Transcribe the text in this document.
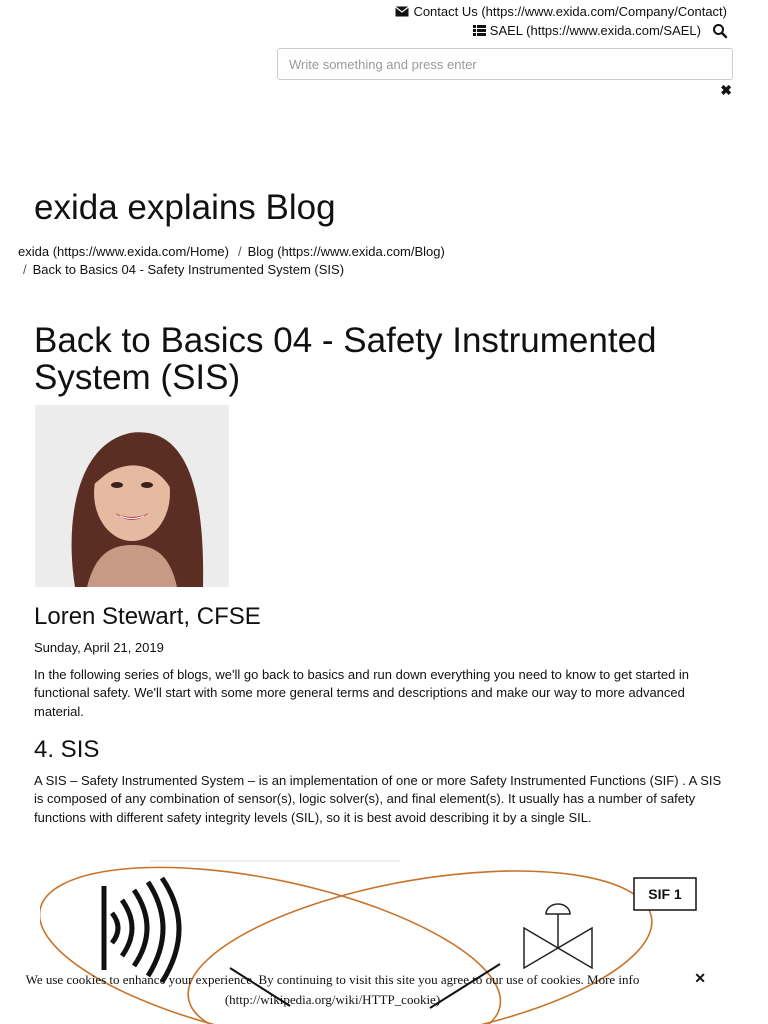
Contact Us (https://www.exida.com/Company/Contact)
SAEL (https://www.exida.com/SAEL)
Write something and press enter
✖
exida explains Blog
exida (https://www.exida.com/Home) / Blog (https://www.exida.com/Blog)
/ Back to Basics 04 - Safety Instrumented System (SIS)
Back to Basics 04 - Safety Instrumented System (SIS)
Loren Stewart, CFSE

Sunday, April 21, 2019

In the following series of blogs, we'll go back to basics and run down everything you need to know to get started in functional safety. We'll start with some more general terms and descriptions and make our way to more advanced material.

4. SIS

A SIS – Safety Instrumented System – is an implementation of one or more Safety Instrumented Functions (SIF) . A SIS is composed of any combination of sensor(s), logic solver(s), and final element(s). It usually has a number of safety functions with different safety integrity levels (SIL), so it is best avoid describing it by a single SIL.

SIF 1

We use cookies to enhance your experience. By continuing to visit this site you agree to our use of cookies. More info (http://wikipedia.org/wiki/HTTP_cookie)

✕
